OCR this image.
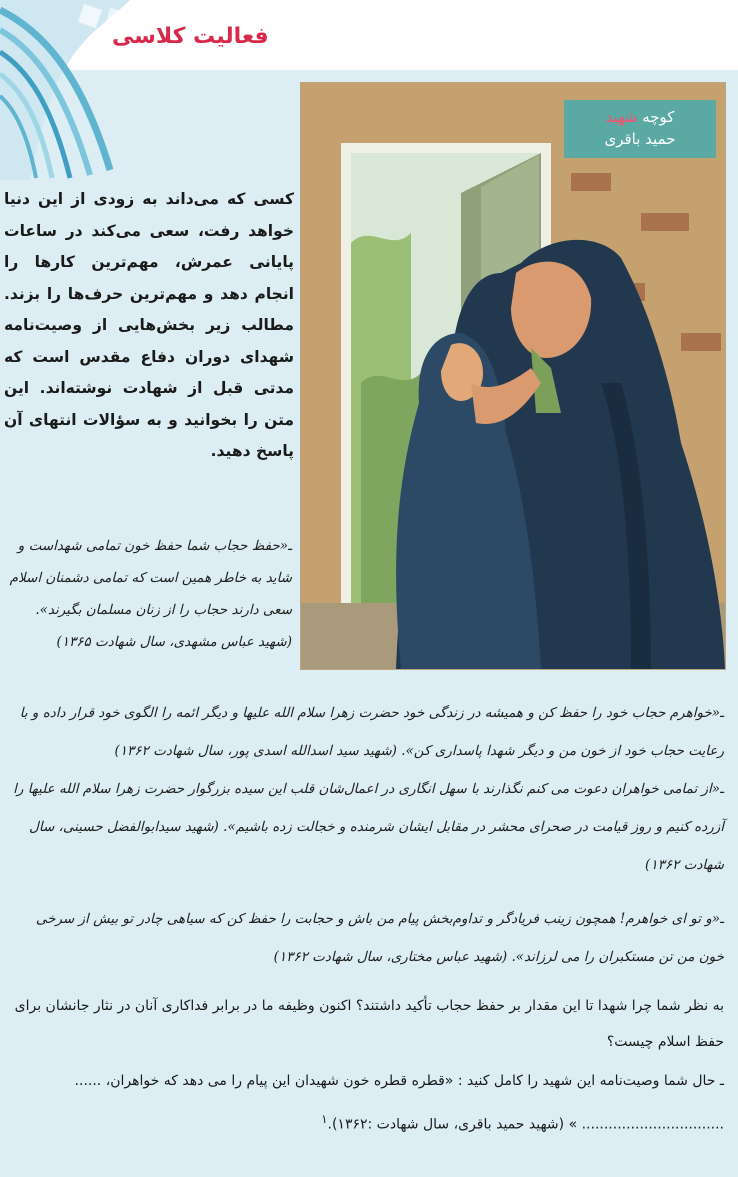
فعالیت کلاسی
کوچه شهید
حمید باقری

کسی که می‌داند به زودی از این دنیا خواهد رفت، سعی می‌کند در ساعات پایانی عمرش، مهم‌ترین کارها را انجام دهد و مهم‌ترین حرف‌ها را بزند. مطالب زیر بخش‌هایی از وصیت‌نامه شهدای دوران دفاع مقدس است که مدتی قبل از شهادت نوشته‌اند. این متن را بخوانید و به سؤالات انتهای آن پاسخ دهید.

ـ«حفظ حجاب شما حفظ خون تمامی شهداست و شاید به خاطر همین است که تمامی دشمنان اسلام سعی دارند حجاب را از زنان مسلمان بگیرند». (شهید عباس مشهدی، سال شهادت ۱۳۶۵)

ـ«خواهرم حجاب خود را حفظ کن و همیشه در زندگی خود حضرت زهرا سلام الله علیها و دیگر ائمه را الگوی خود قرار داده و با رعایت حجاب خود از خون من و دیگر شهدا پاسداری کن». (شهید سید اسدالله اسدی پور، سال شهادت ۱۳۶۲)

ـ«از تمامی خواهران دعوت می کنم نگذارند با سهل انگاری در اعمال‌شان قلب این سیده بزرگوار حضرت زهرا سلام الله علیها را آزرده کنیم و روز قیامت در صحرای محشر در مقابل ایشان شرمنده و خجالت زده باشیم». (شهید سیدابوالفضل حسینی، سال شهادت ۱۳۶۲)

ـ«و تو ای خواهرم! همچون زینب فریادگر و تداوم‌بخش پیام من باش و حجابت را حفظ کن که سیاهی چادر تو بیش از سرخی خون من تن مستکبران را می لرزاند». (شهید عباس مختاری، سال شهادت ۱۳۶۲)

به نظر شما چرا شهدا تا این مقدار بر حفظ حجاب تأکید داشتند؟ اکنون وظیفه ما در برابر فداکاری آنان در نثار جانشان برای حفظ اسلام چیست؟

ـ حال شما وصیت‌نامه این شهید را کامل کنید : «قطره قطره خون شهیدان این پیام را می دهد که خواهران، ......
................................ » (شهید حمید باقری، سال شهادت :۱۳۶۲).$^۱$
